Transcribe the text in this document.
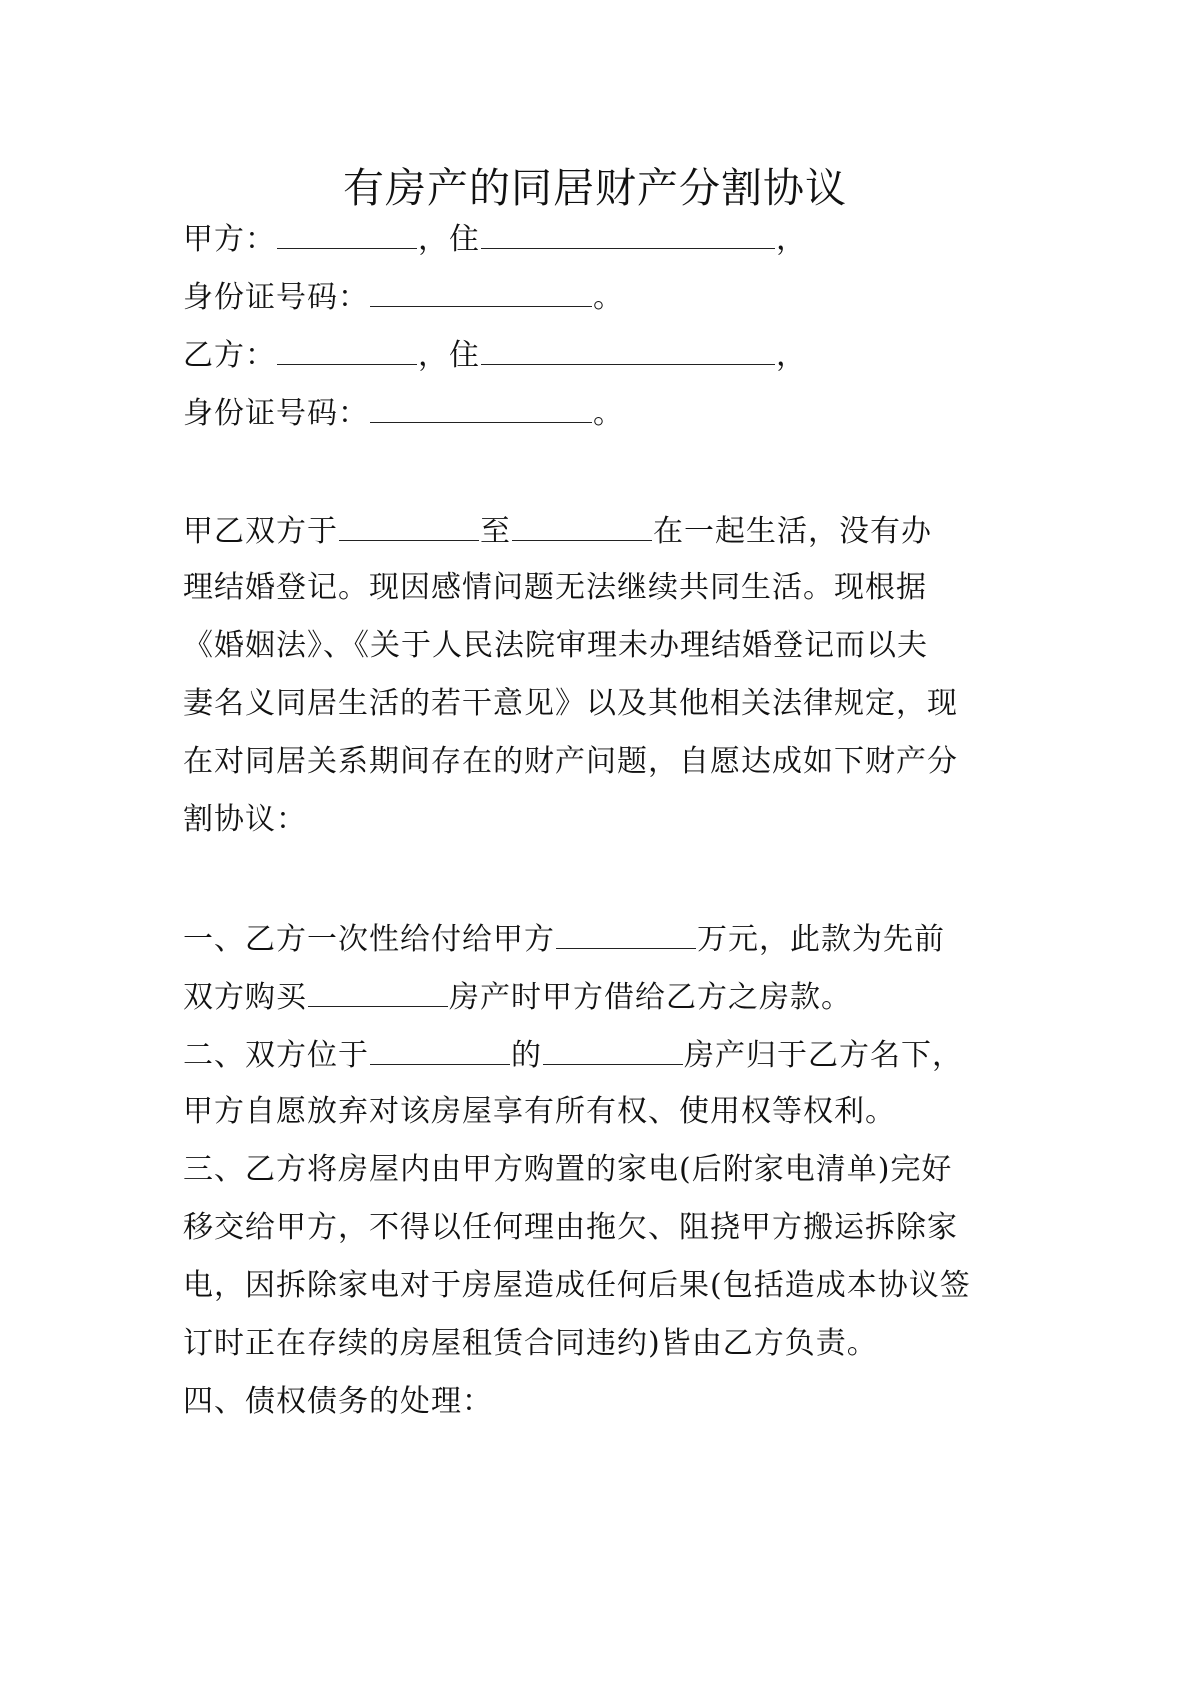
有房产的同居财产分割协议
甲方：	，住	，
身份证号码：	。
乙方：	，住	，
身份证号码：	。
甲乙双方于	至	在一起生活，没有办
理结婚登记。现因感情问题无法继续共同生活。现根据
《婚姻法》、《关于人民法院审理未办理结婚登记而以夫
妻名义同居生活的若干意见》以及其他相关法律规定，现
在对同居关系期间存在的财产问题，自愿达成如下财产分
割协议：
一、乙方一次性给付给甲方	万元，此款为先前
双方购买	房产时甲方借给乙方之房款。
二、双方位于	的	房产归于乙方名下，
甲方自愿放弃对该房屋享有所有权、使用权等权利。
三、乙方将房屋内由甲方购置的家电(后附家电清单)完好
移交给甲方，不得以任何理由拖欠、阻挠甲方搬运拆除家
电，因拆除家电对于房屋造成任何后果(包括造成本协议签
订时正在存续的房屋租赁合同违约)皆由乙方负责。
四、债权债务的处理：
